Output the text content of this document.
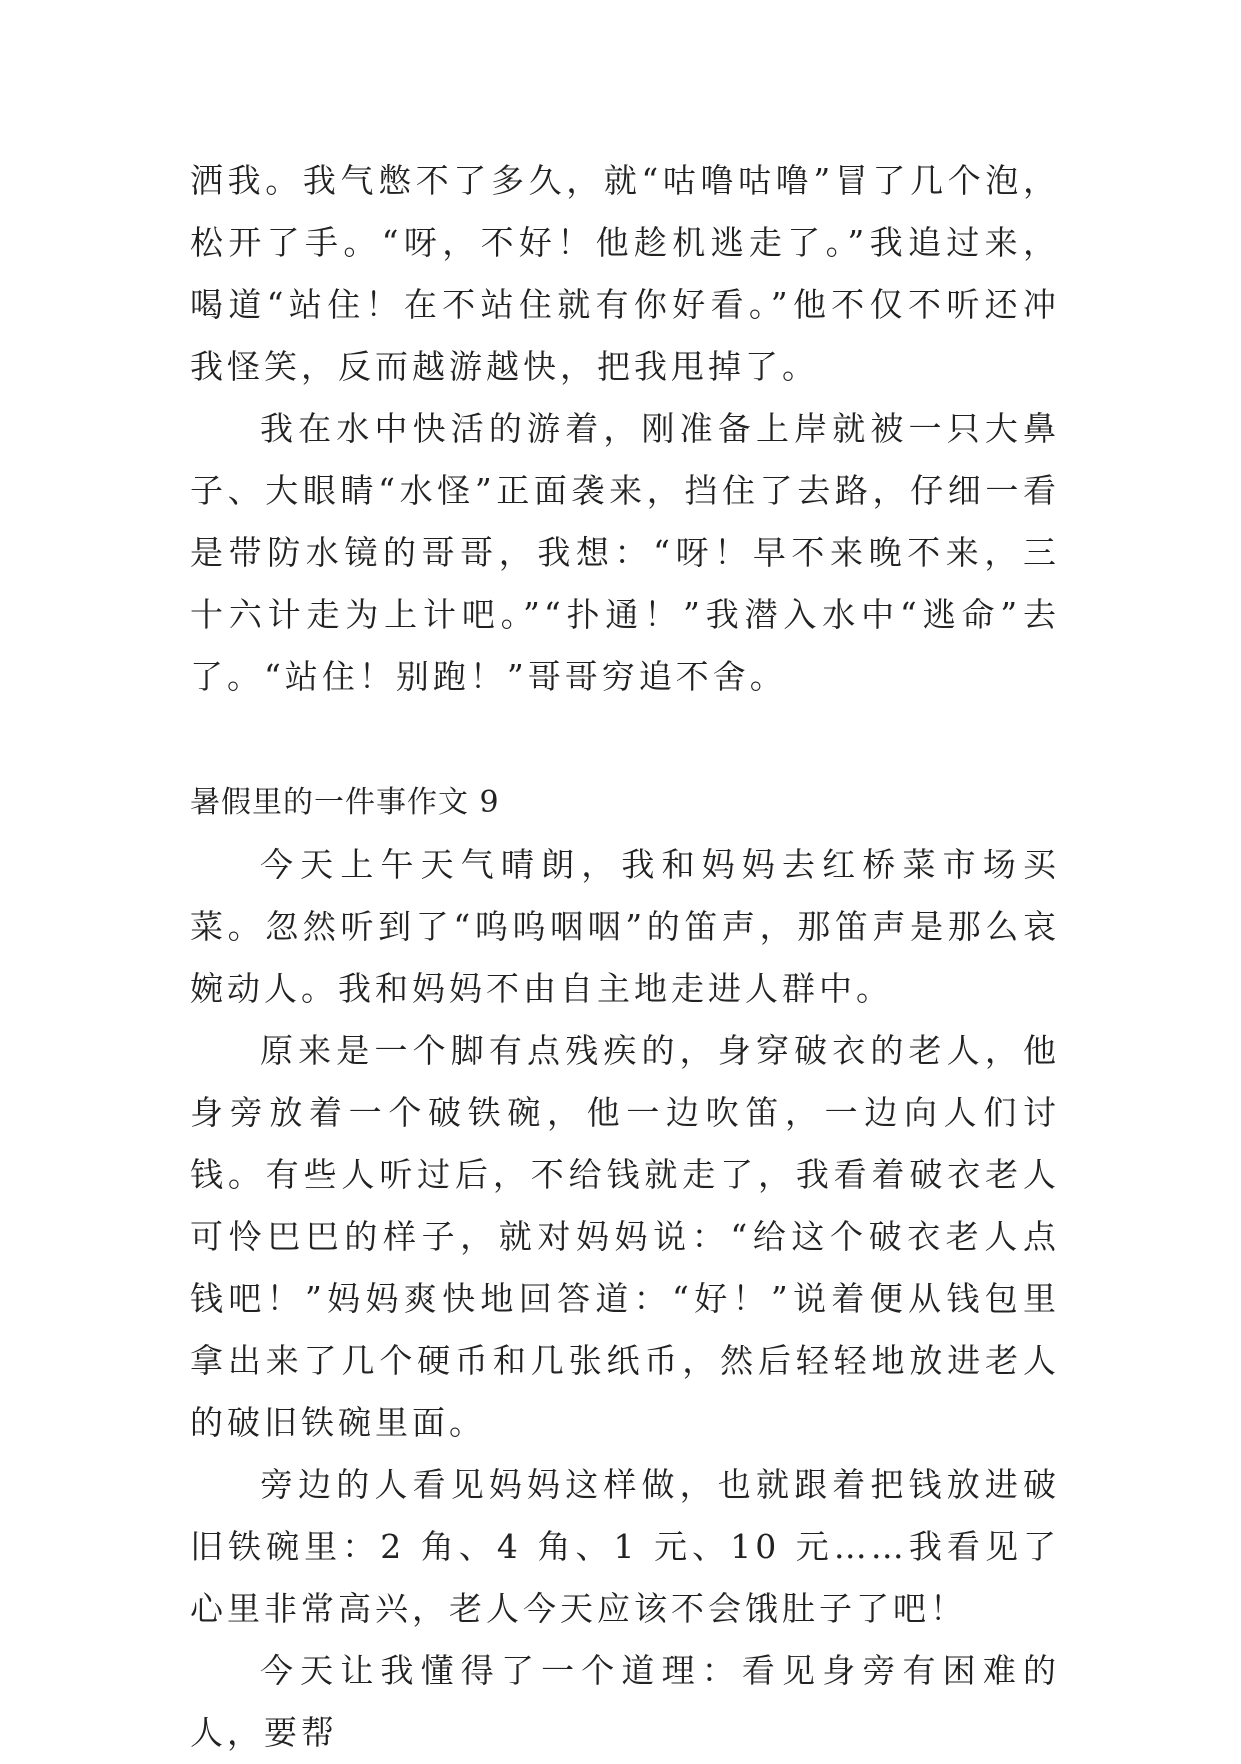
洒我。我气憋不了多久，就“咕噜咕噜”冒了几个泡，松开了手。“呀，不好！他趁机逃走了。”我追过来，喝道“站住！在不站住就有你好看。”他不仅不听还冲我怪笑，反而越游越快，把我甩掉了。

我在水中快活的游着，刚准备上岸就被一只大鼻子、大眼睛“水怪”正面袭来，挡住了去路，仔细一看是带防水镜的哥哥，我想：“呀！早不来晚不来，三十六计走为上计吧。”“扑通！”我潜入水中“逃命”去了。“站住！别跑！”哥哥穷追不舍。

暑假里的一件事作文 9

今天上午天气晴朗，我和妈妈去红桥菜市场买菜。忽然听到了“呜呜咽咽”的笛声，那笛声是那么哀婉动人。我和妈妈不由自主地走进人群中。

原来是一个脚有点残疾的，身穿破衣的老人，他身旁放着一个破铁碗，他一边吹笛，一边向人们讨钱。有些人听过后，不给钱就走了，我看着破衣老人可怜巴巴的样子，就对妈妈说：“给这个破衣老人点钱吧！”妈妈爽快地回答道：“好！”说着便从钱包里拿出来了几个硬币和几张纸币，然后轻轻地放进老人的破旧铁碗里面。

旁边的人看见妈妈这样做，也就跟着把钱放进破旧铁碗里：2 角、4 角、1 元、10 元……我看见了心里非常高兴，老人今天应该不会饿肚子了吧！

今天让我懂得了一个道理：看见身旁有困难的人，要帮
